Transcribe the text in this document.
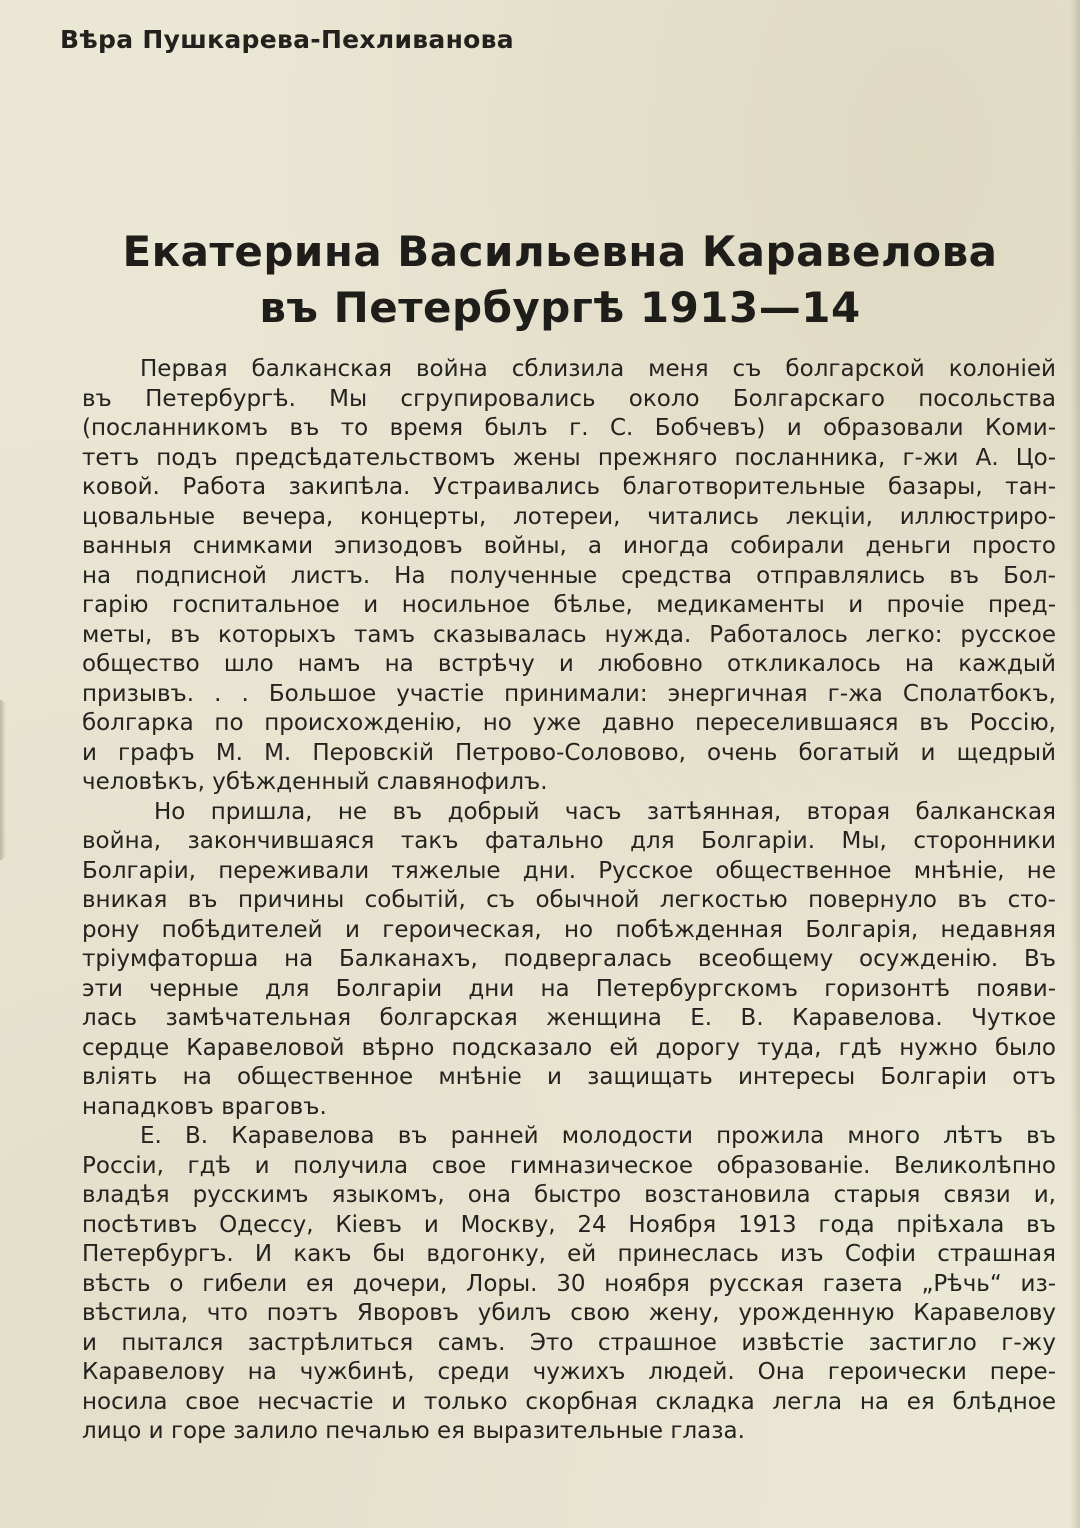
Вѣра Пушкарева-Пехливанова
Екатерина Васильевна Каравелова
въ Петербургѣ 1913—14
Первая балканская война сблизила меня съ болгарской колоніей
въ Петербургѣ. Мы сгрупировались около Болгарскаго посольства
(посланникомъ въ то время былъ г. С. Бобчевъ) и образовали Коми-
тетъ подъ предсѣдательствомъ жены прежняго посланника, г-жи А. Цо-
ковой. Работа закипѣла. Устраивались благотворительные базары, тан-
цовальные вечера, концерты, лотереи, читались лекціи, иллюстриро-
ванныя снимками эпизодовъ войны, а иногда собирали деньги просто
на подписной листъ. На полученные средства отправлялись въ Бол-
гарію госпитальное и носильное бѣлье, медикаменты и прочіе пред-
меты, въ которыхъ тамъ сказывалась нужда. Работалось легко: русское
общество шло намъ на встрѣчу и любовно откликалось на каждый
призывъ. . . Большое участіе принимали: энергичная г-жа Сполатбокъ,
болгарка по происхожденію, но уже давно переселившаяся въ Россію,
и графъ М. М. Перовскій Петрово-Соловово, очень богатый и щедрый
человѣкъ, убѣжденный славянофилъ.
Но пришла, не въ добрый часъ затѣянная, вторая балканская
война, закончившаяся такъ фатально для Болгаріи. Мы, сторонники
Болгаріи, переживали тяжелые дни. Русское общественное мнѣніе, не
вникая въ причины событій, съ обычной легкостью повернуло въ сто-
рону побѣдителей и героическая, но побѣжденная Болгарія, недавняя
тріумфаторша на Балканахъ, подвергалась всеобщему осужденію. Въ
эти черные для Болгаріи дни на Петербургскомъ горизонтѣ появи-
лась замѣчательная болгарская женщина Е. В. Каравелова. Чуткое
сердце Каравеловой вѣрно подсказало ей дорогу туда, гдѣ нужно было
вліять на общественное мнѣніе и защищать интересы Болгаріи отъ
нападковъ враговъ.
Е. В. Каравелова въ ранней молодости прожила много лѣтъ въ
Россіи, гдѣ и получила свое гимназическое образованіе. Великолѣпно
владѣя русскимъ языкомъ, она быстро возстановила старыя связи и,
посѣтивъ Одессу, Кіевъ и Москву, 24 Ноября 1913 года пріѣхала въ
Петербургъ. И какъ бы вдогонку, ей принеслась изъ Софіи страшная
вѣсть о гибели ея дочери, Лоры. 30 ноября русская газета „Рѣчь“ из-
вѣстила, что поэтъ Яворовъ убилъ свою жену, урожденную Каравелову
и пытался застрѣлиться самъ. Это страшное извѣстіе застигло г-жу
Каравелову на чужбинѣ, среди чужихъ людей. Она героически пере-
носила свое несчастіе и только скорбная складка легла на ея блѣдное
лицо и горе залило печалью ея выразительные глаза.
